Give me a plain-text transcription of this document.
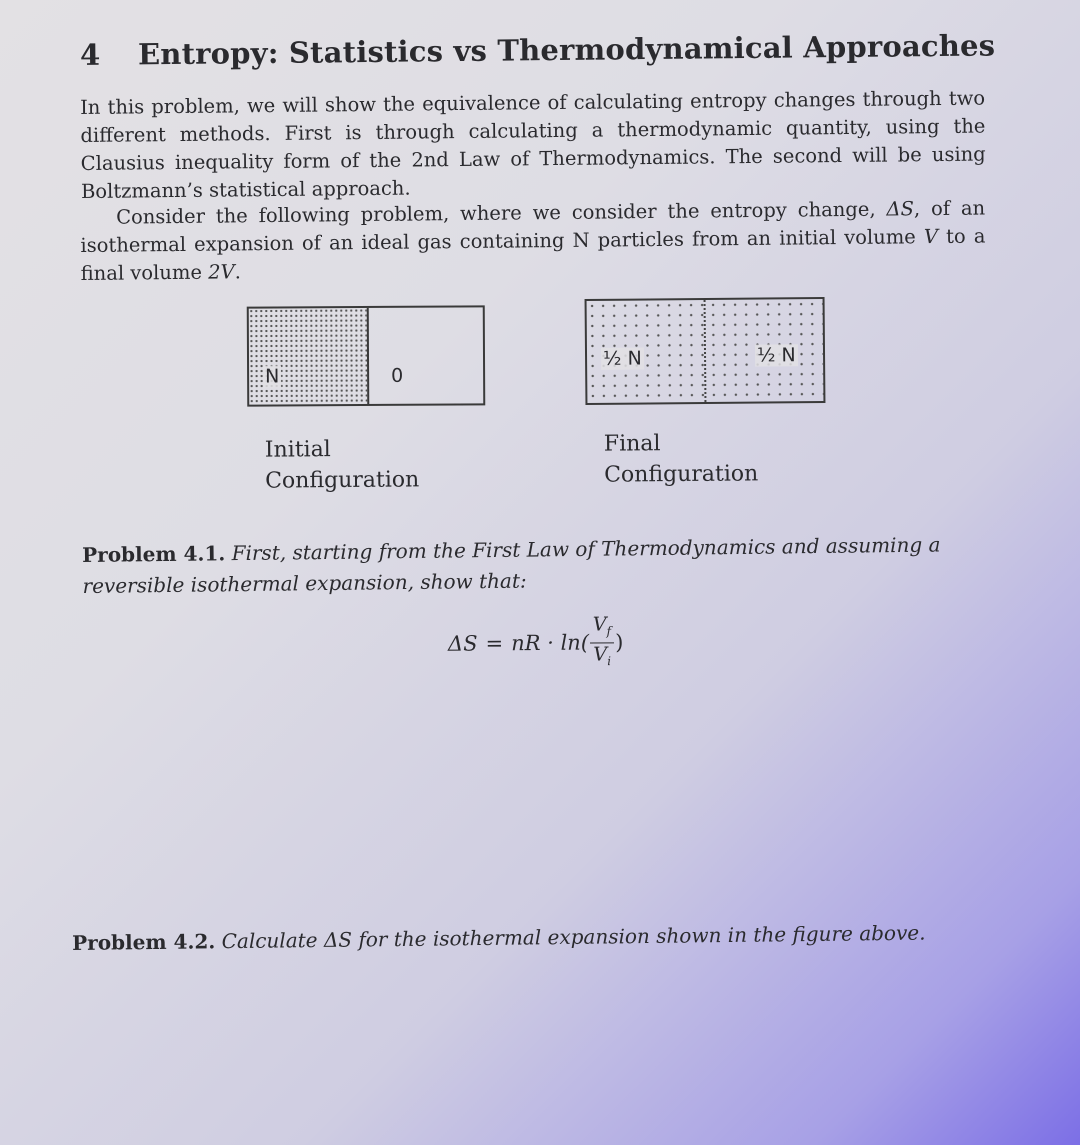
4 Entropy: Statistics vs Thermodynamical Approaches
In this problem, we will show the equivalence of calculating entropy changes through two different methods. First is through calculating a thermodynamic quantity, using the Clausius inequality form of the 2nd Law of Thermodynamics. The second will be using Boltzmann’s statistical approach.
Consider the following problem, where we consider the entropy change, ΔS, of an isothermal expansion of an ideal gas containing N particles from an initial volume V to a final volume 2V.
N	0
½ N	½ N
Initial
Configuration
Final
Configuration
Problem 4.1. First, starting from the First Law of Thermodynamics and assuming a reversible isothermal expansion, show that:
ΔS = nR · $\ln( \frac{V_f}{V_i}$ )
Problem 4.2. Calculate ΔS for the isothermal expansion shown in the figure above.
